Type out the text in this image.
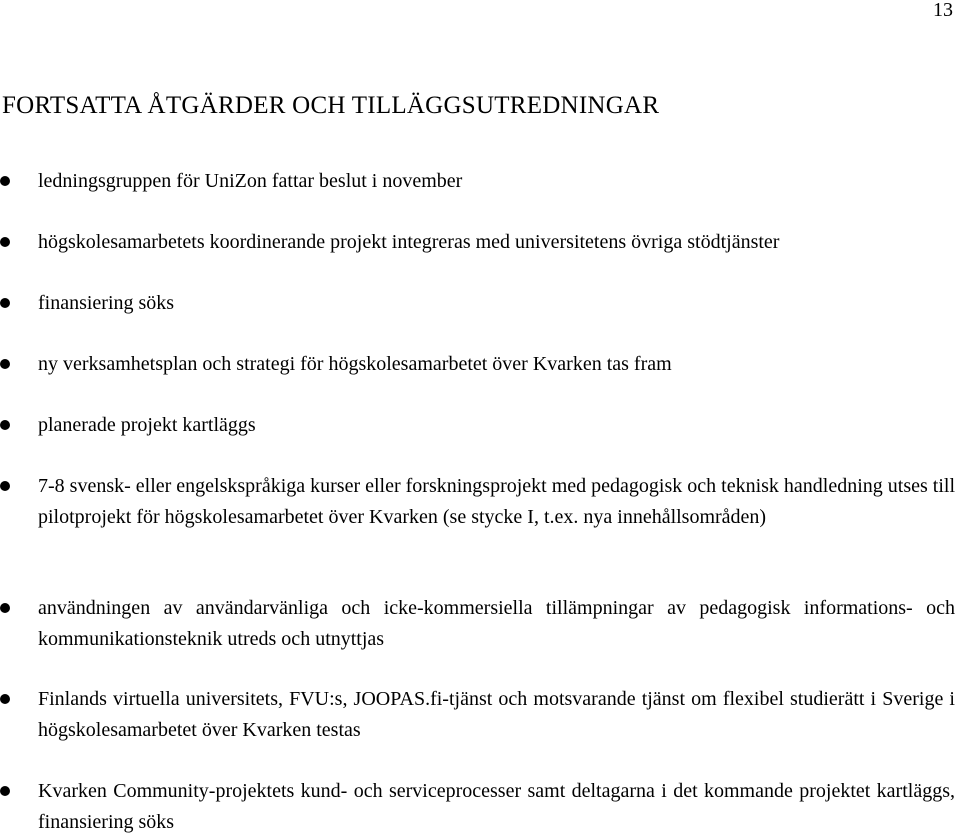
13
FORTSATTA ÅTGÄRDER OCH TILLÄGGSUTREDNINGAR
ledningsgruppen för UniZon fattar beslut i november
högskolesamarbetets koordinerande projekt integreras med universitetens övriga stödtjänster
finansiering söks
ny verksamhetsplan och strategi för högskolesamarbetet över Kvarken tas fram
planerade projekt kartläggs
7-8 svensk- eller engelskspråkiga kurser eller forskningsprojekt med pedagogisk och teknisk handledning utses till pilotprojekt för högskolesamarbetet över Kvarken (se stycke I, t.ex. nya innehållsområden)
användningen av användarvänliga och icke-kommersiella tillämpningar av pedagogisk informations- och kommunikationsteknik utreds och utnyttjas
Finlands virtuella universitets, FVU:s, JOOPAS.fi-tjänst och motsvarande tjänst om flexibel studierätt i Sverige i högskolesamarbetet över Kvarken testas
Kvarken Community-projektets kund- och serviceprocesser samt deltagarna i det kommande projektet kartläggs, finansiering söks
